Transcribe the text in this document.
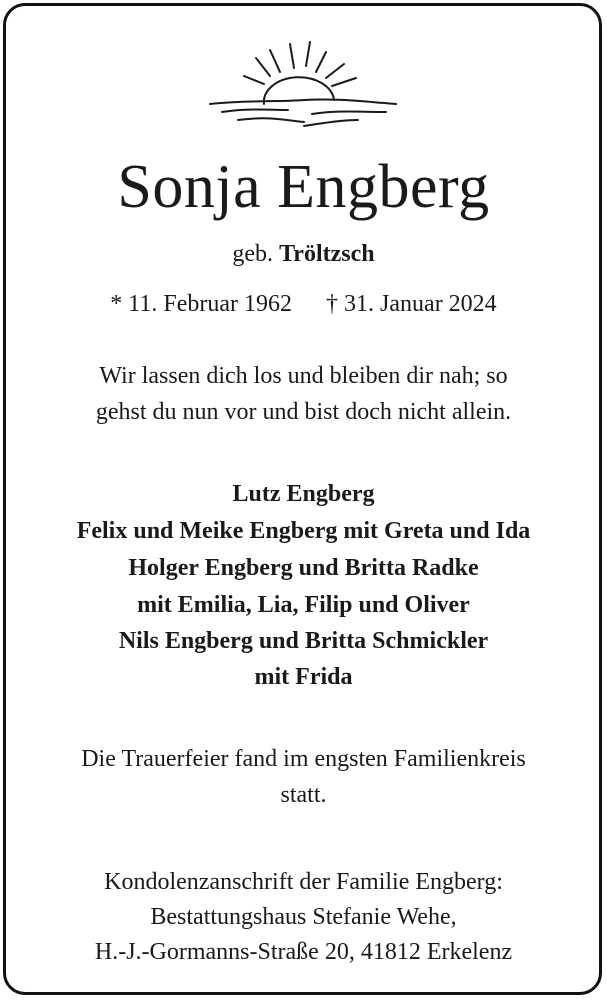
Sonja Engberg
geb. Tröltzsch
* 11. Februar 1962 † 31. Januar 2024
Wir lassen dich los und bleiben dir nah; so
gehst du nun vor und bist doch nicht allein.
Lutz Engberg
Felix und Meike Engberg mit Greta und Ida
Holger Engberg und Britta Radke
mit Emilia, Lia, Filip und Oliver
Nils Engberg und Britta Schmickler
mit Frida
Die Trauerfeier fand im engsten Familienkreis
statt.
Kondolenzanschrift der Familie Engberg:
Bestattungshaus Stefanie Wehe,
H.-J.-Gormanns-Straße 20, 41812 Erkelenz
